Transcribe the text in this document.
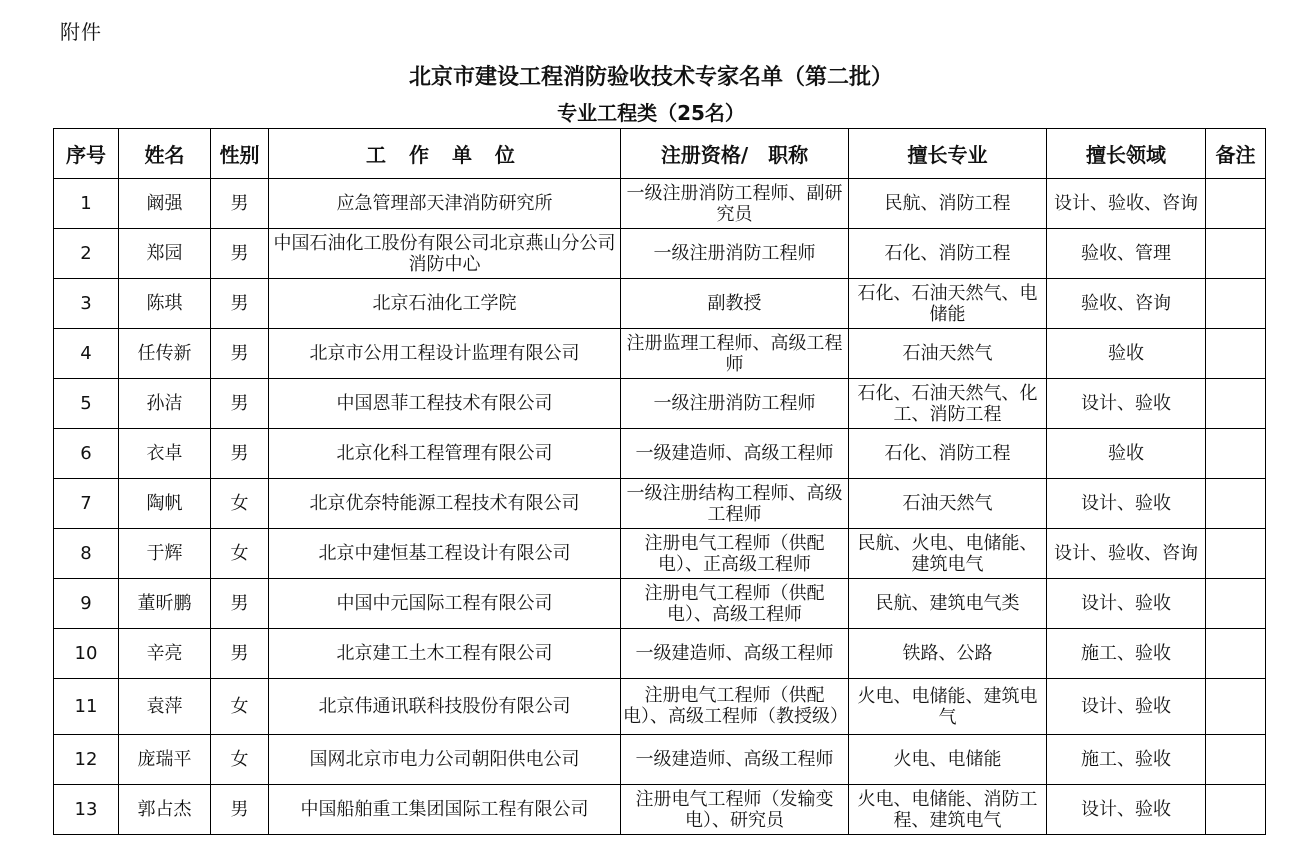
附件
北京市建设工程消防验收技术专家名单（第二批）
专业工程类（25名）
序号	姓名	性别	工 作 单 位	注册资格/　职称	擅长专业	擅长领域	备注
1	阚强	男	应急管理部天津消防研究所	一级注册消防工程师、副研究员	民航、消防工程	设计、验收、咨询	
2	郑园	男	中国石油化工股份有限公司北京燕山分公司消防中心	一级注册消防工程师	石化、消防工程	验收、管理	
3	陈琪	男	北京石油化工学院	副教授	石化、石油天然气、电储能	验收、咨询	
4	任传新	男	北京市公用工程设计监理有限公司	注册监理工程师、高级工程师	石油天然气	验收	
5	孙洁	男	中国恩菲工程技术有限公司	一级注册消防工程师	石化、石油天然气、化工、消防工程	设计、验收	
6	衣卓	男	北京化科工程管理有限公司	一级建造师、高级工程师	石化、消防工程	验收	
7	陶帆	女	北京优奈特能源工程技术有限公司	一级注册结构工程师、高级工程师	石油天然气	设计、验收	
8	于辉	女	北京中建恒基工程设计有限公司	注册电气工程师（供配电）、正高级工程师	民航、火电、电储能、建筑电气	设计、验收、咨询	
9	董昕鹏	男	中国中元国际工程有限公司	注册电气工程师（供配电）、高级工程师	民航、建筑电气类	设计、验收	
10	辛亮	男	北京建工土木工程有限公司	一级建造师、高级工程师	铁路、公路	施工、验收	
11	袁萍	女	北京伟通讯联科技股份有限公司	注册电气工程师（供配电）、高级工程师（教授级）	火电、电储能、建筑电气	设计、验收	
12	庞瑞平	女	国网北京市电力公司朝阳供电公司	一级建造师、高级工程师	火电、电储能	施工、验收	
13	郭占杰	男	中国船舶重工集团国际工程有限公司	注册电气工程师（发输变电）、研究员	火电、电储能、消防工程、建筑电气	设计、验收	
